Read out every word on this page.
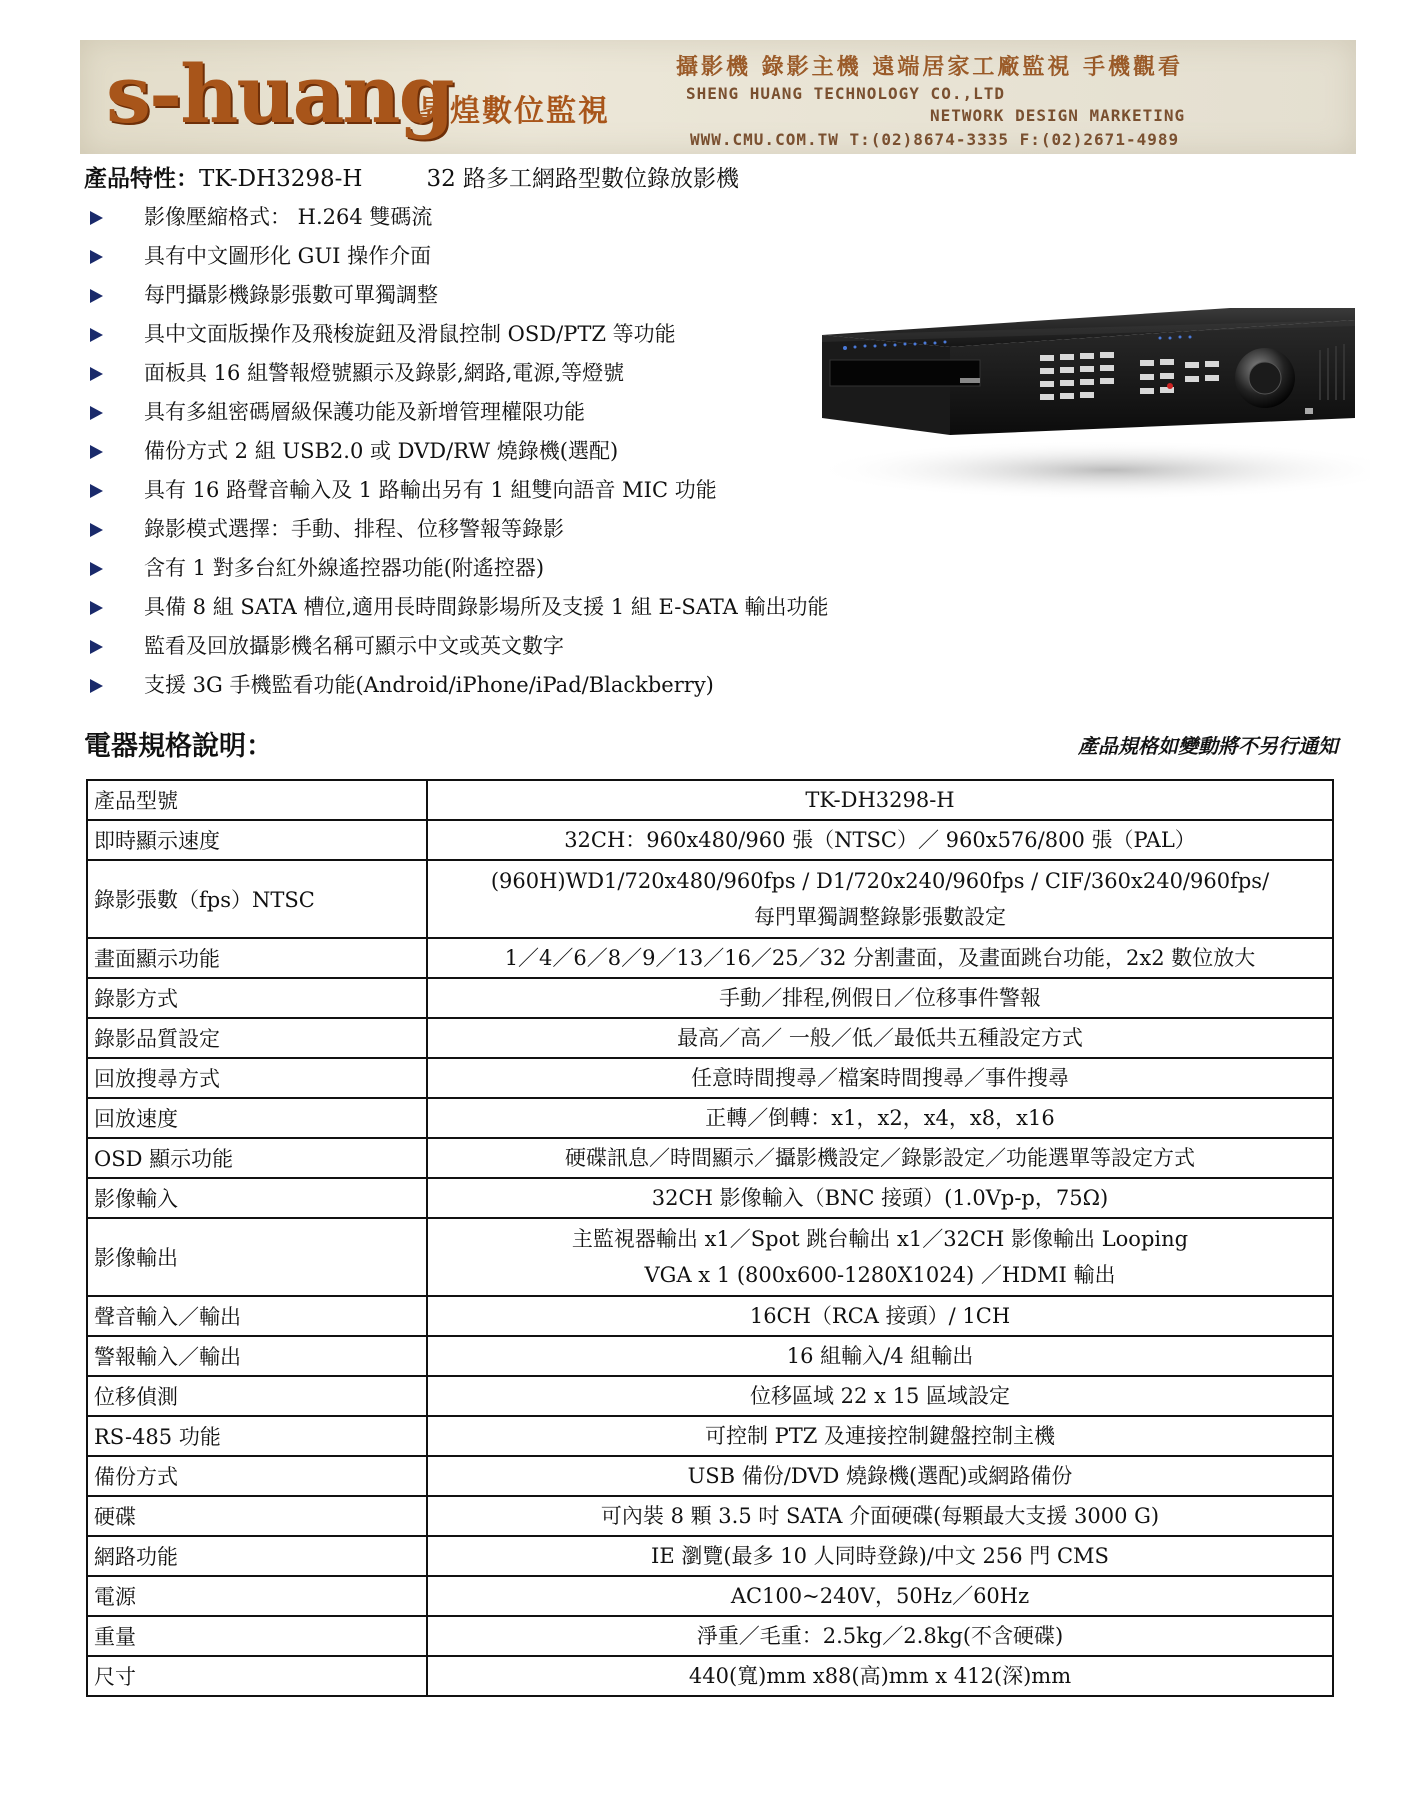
s-huang
昇煌數位監視
攝影機 錄影主機 遠端居家工廠監視 手機觀看
SHENG HUANG TECHNOLOGY CO.,LTD
NETWORK DESIGN MARKETING
WWW.CMU.COM.TW T:(02)8674-3335 F:(02)2671-4989
產品特性：TK-DH3298-H	32 路多工網路型數位錄放影機
影像壓縮格式： H.264 雙碼流
具有中文圖形化 GUI 操作介面
每門攝影機錄影張數可單獨調整
具中文面版操作及飛梭旋鈕及滑鼠控制 OSD/PTZ 等功能
面板具 16 組警報燈號顯示及錄影,網路,電源,等燈號
具有多組密碼層級保護功能及新增管理權限功能
備份方式 2 組 USB2.0 或 DVD/RW 燒錄機(選配)
具有 16 路聲音輸入及 1 路輸出另有 1 組雙向語音 MIC 功能
錄影模式選擇：手動、排程、位移警報等錄影
含有 1 對多台紅外線遙控器功能(附遙控器)
具備 8 組 SATA 槽位,適用長時間錄影場所及支援 1 組 E-SATA 輸出功能
監看及回放攝影機名稱可顯示中文或英文數字
支援 3G 手機監看功能(Android/iPhone/iPad/Blackberry)
電器規格說明：	產品規格如變動將不另行通知
產品型號	TK-DH3298-H

即時顯示速度	32CH：960x480/960 張（NTSC）／ 960x576/800 張（PAL）

錄影張數（fps）NTSC	(960H)WD1/720x480/960fps / D1/720x240/960fps / CIF/360x240/960fps/
每門單獨調整錄影張數設定

畫面顯示功能	1／4／6／8／9／13／16／25／32 分割畫面，及畫面跳台功能，2x2 數位放大

錄影方式	手動／排程,例假日／位移事件警報

錄影品質設定	最高／高／ 一般／低／最低共五種設定方式

回放搜尋方式	任意時間搜尋／檔案時間搜尋／事件搜尋

回放速度	正轉／倒轉：x1，x2，x4，x8，x16

OSD 顯示功能	硬碟訊息／時間顯示／攝影機設定／錄影設定／功能選單等設定方式

影像輸入	32CH 影像輸入（BNC 接頭）(1.0Vp-p，75Ω)

影像輸出	主監視器輸出 x1／Spot 跳台輸出 x1／32CH 影像輸出 Looping
VGA x 1 (800x600-1280X1024) ／HDMI 輸出

聲音輸入／輸出	16CH（RCA 接頭）/ 1CH

警報輸入／輸出	16 組輸入/4 組輸出

位移偵測	位移區域 22 x 15 區域設定

RS-485 功能	可控制 PTZ 及連接控制鍵盤控制主機

備份方式	USB 備份/DVD 燒錄機(選配)或網路備份

硬碟	可內裝 8 顆 3.5 吋 SATA 介面硬碟(每顆最大支援 3000 G)

網路功能	IE 瀏覽(最多 10 人同時登錄)/中文 256 門 CMS

電源	AC100~240V，50Hz／60Hz

重量	淨重／毛重：2.5kg／2.8kg(不含硬碟)

尺寸	440(寬)mm x88(高)mm x 412(深)mm
